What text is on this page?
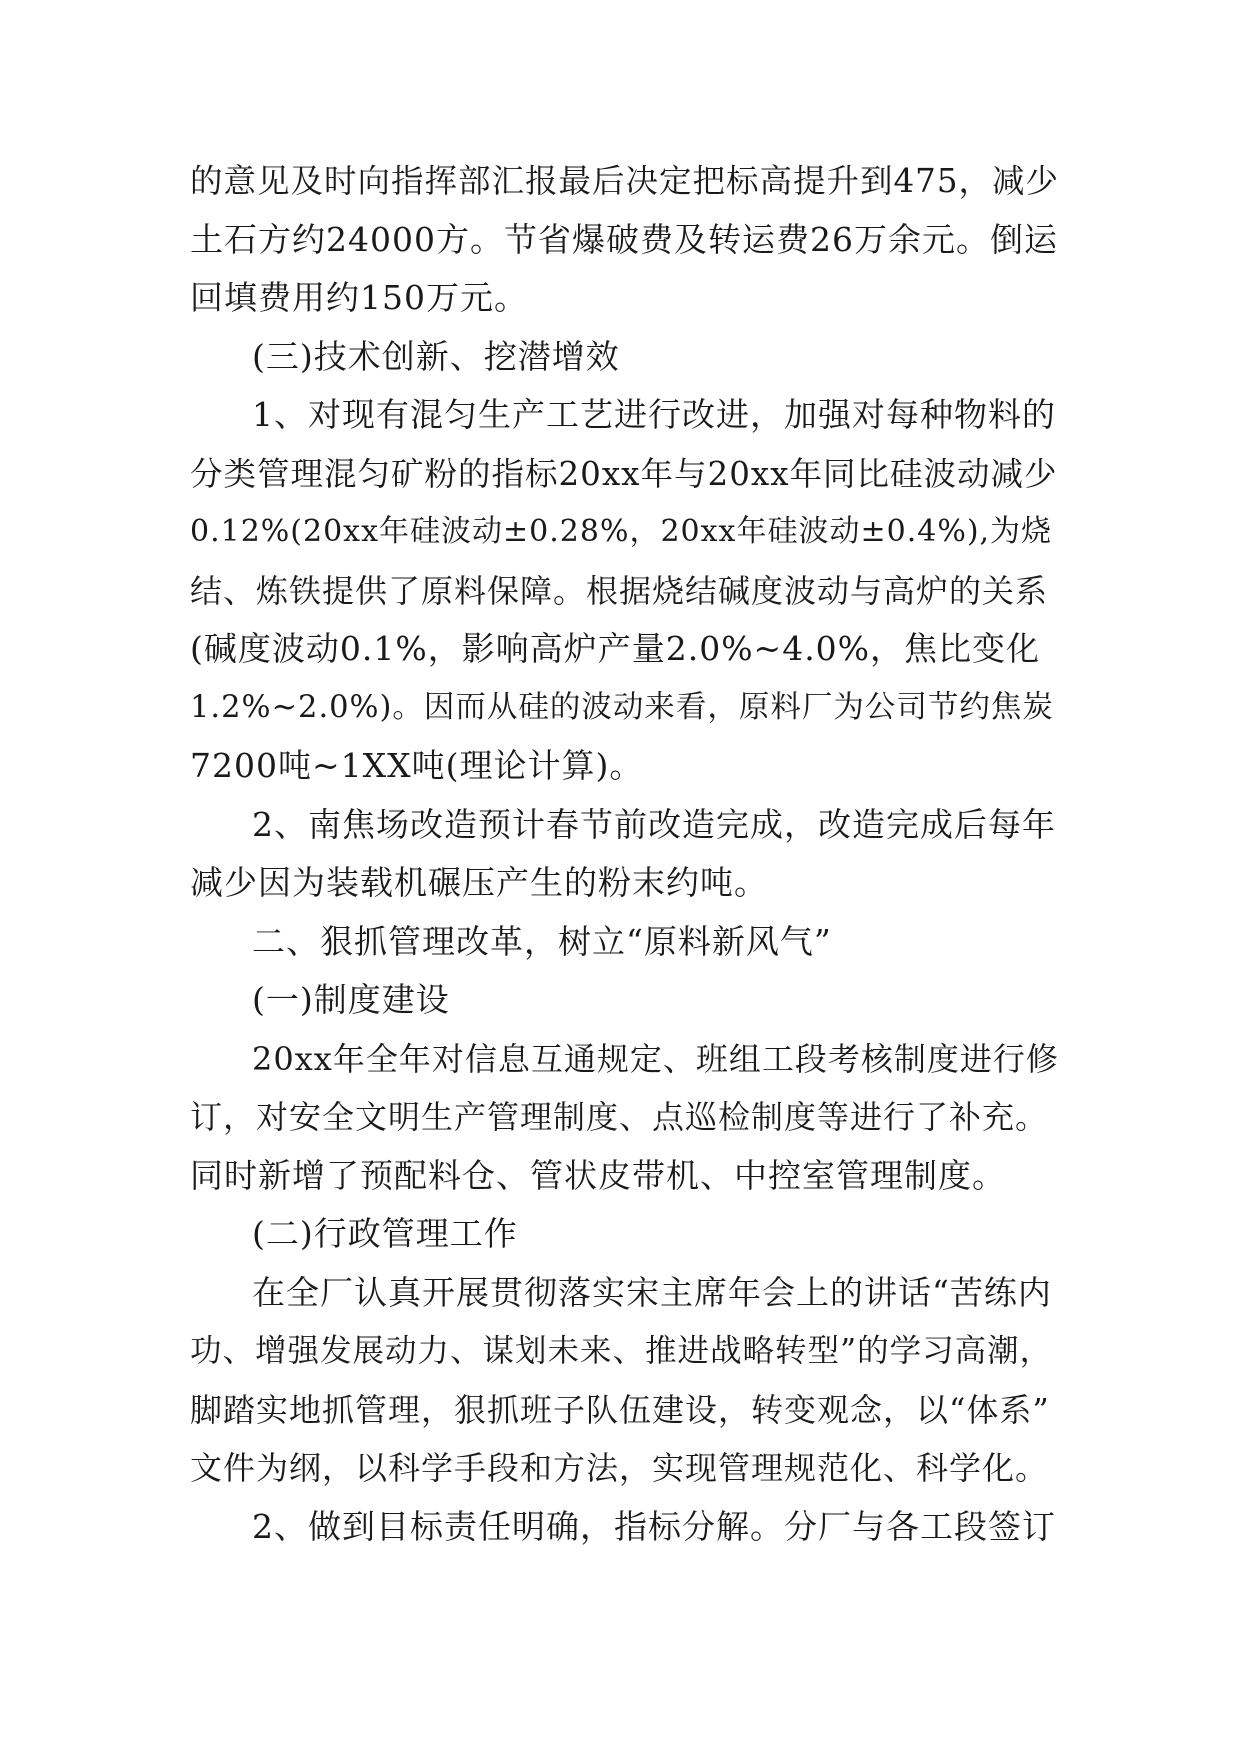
的意见及时向指挥部汇报最后决定把标高提升到475，减少

土石方约24000方。节省爆破费及转运费26万余元。倒运

回填费用约150万元。

(三)技术创新、挖潜增效

1、对现有混匀生产工艺进行改进，加强对每种物料的

分类管理混匀矿粉的指标20xx年与20xx年同比硅波动减少

0.12%(20xx年硅波动±0.28%，20xx年硅波动±0.4%),为烧

结、炼铁提供了原料保障。根据烧结碱度波动与高炉的关系

(碱度波动0.1%，影响高炉产量2.0%~4.0%，焦比变化

1.2%~2.0%)。因而从硅的波动来看，原料厂为公司节约焦炭

7200吨~1XX吨(理论计算)。

2、南焦场改造预计春节前改造完成，改造完成后每年

减少因为装载机碾压产生的粉末约吨。

二、狠抓管理改革，树立“原料新风气”

(一)制度建设

20xx年全年对信息互通规定、班组工段考核制度进行修

订，对安全文明生产管理制度、点巡检制度等进行了补充。

同时新增了预配料仓、管状皮带机、中控室管理制度。

(二)行政管理工作

在全厂认真开展贯彻落实宋主席年会上的讲话“苦练内

功、增强发展动力、谋划未来、推进战略转型”的学习高潮，

脚踏实地抓管理，狠抓班子队伍建设，转变观念，以“体系”

文件为纲，以科学手段和方法，实现管理规范化、科学化。

2、做到目标责任明确，指标分解。分厂与各工段签订
